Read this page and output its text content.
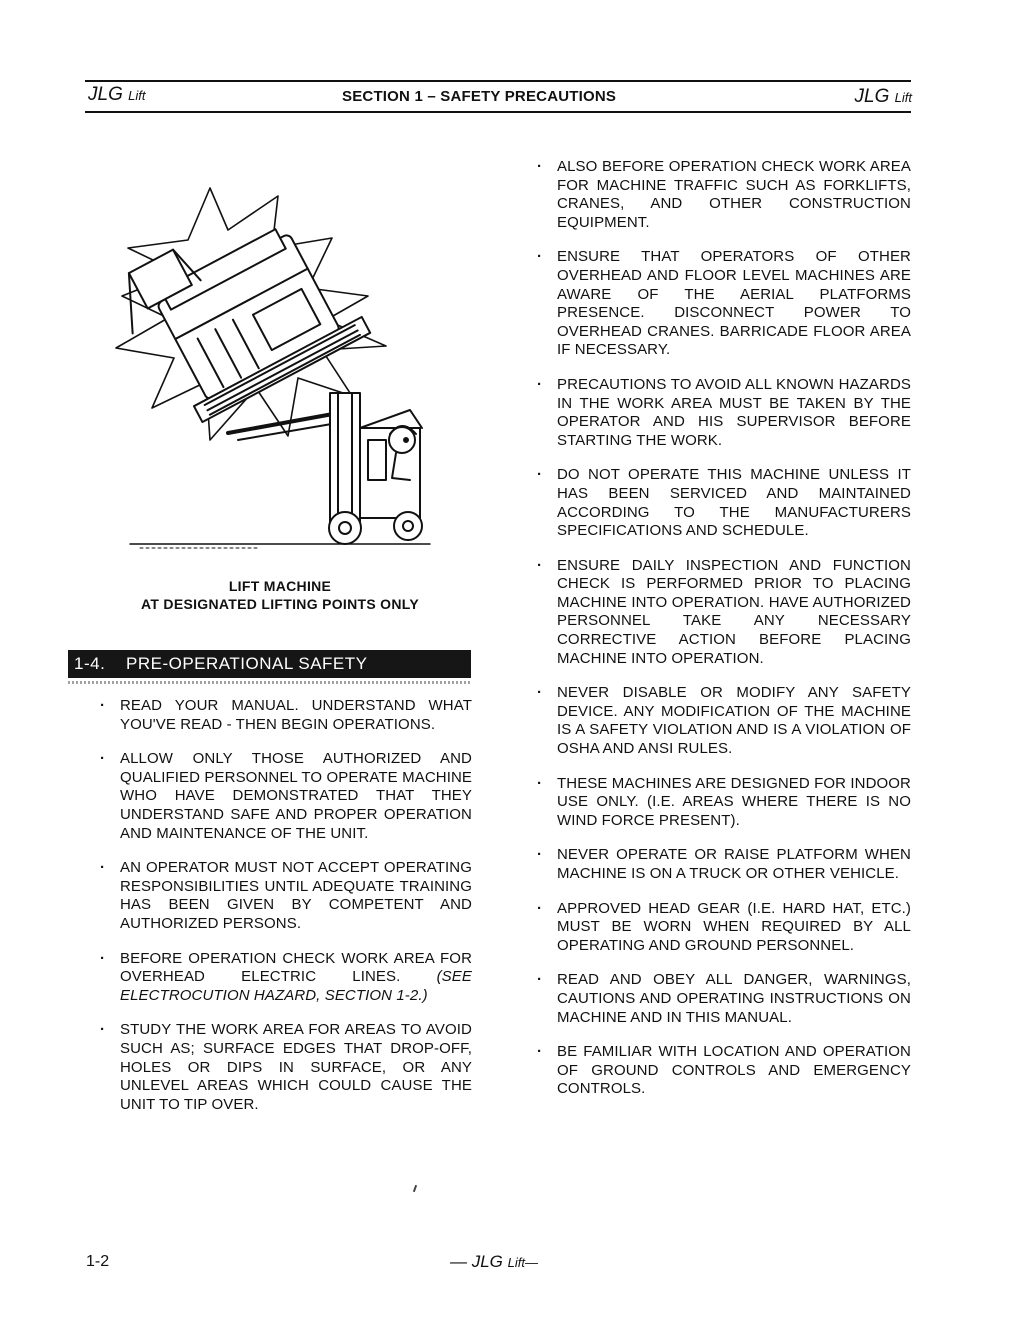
JLG Lift	SECTION 1 – SAFETY PRECAUTIONS	JLG Lift
LIFT MACHINE
AT DESIGNATED LIFTING POINTS ONLY
1-4.	PRE-OPERATIONAL SAFETY
· READ YOUR MANUAL. UNDERSTAND WHAT YOU'VE READ - THEN BEGIN OPERATIONS.
· ALLOW ONLY THOSE AUTHORIZED AND QUALIFIED PERSONNEL TO OPERATE MACHINE WHO HAVE DEMONSTRATED THAT THEY UNDERSTAND SAFE AND PROPER OPERATION AND MAINTENANCE OF THE UNIT.
· AN OPERATOR MUST NOT ACCEPT OPERATING RESPONSIBILITIES UNTIL ADEQUATE TRAINING HAS BEEN GIVEN BY COMPETENT AND AUTHORIZED PERSONS.
· BEFORE OPERATION CHECK WORK AREA FOR OVERHEAD ELECTRIC LINES. (SEE ELECTROCUTION HAZARD, SECTION 1-2.)
· STUDY THE WORK AREA FOR AREAS TO AVOID SUCH AS; SURFACE EDGES THAT DROP-OFF, HOLES OR DIPS IN SURFACE, OR ANY UNLEVEL AREAS WHICH COULD CAUSE THE UNIT TO TIP OVER.
· ALSO BEFORE OPERATION CHECK WORK AREA FOR MACHINE TRAFFIC SUCH AS FORKLIFTS, CRANES, AND OTHER CONSTRUCTION EQUIPMENT.
· ENSURE THAT OPERATORS OF OTHER OVERHEAD AND FLOOR LEVEL MACHINES ARE AWARE OF THE AERIAL PLATFORMS PRESENCE. DISCONNECT POWER TO OVERHEAD CRANES. BARRICADE FLOOR AREA IF NECESSARY.
· PRECAUTIONS TO AVOID ALL KNOWN HAZARDS IN THE WORK AREA MUST BE TAKEN BY THE OPERATOR AND HIS SUPERVISOR BEFORE STARTING THE WORK.
· DO NOT OPERATE THIS MACHINE UNLESS IT HAS BEEN SERVICED AND MAINTAINED ACCORDING TO THE MANUFACTURERS SPECIFICATIONS AND SCHEDULE.
· ENSURE DAILY INSPECTION AND FUNCTION CHECK IS PERFORMED PRIOR TO PLACING MACHINE INTO OPERATION. HAVE AUTHORIZED PERSONNEL TAKE ANY NECESSARY CORRECTIVE ACTION BEFORE PLACING MACHINE INTO OPERATION.
· NEVER DISABLE OR MODIFY ANY SAFETY DEVICE. ANY MODIFICATION OF THE MACHINE IS A SAFETY VIOLATION AND IS A VIOLATION OF OSHA AND ANSI RULES.
· THESE MACHINES ARE DESIGNED FOR INDOOR USE ONLY. (I.E. AREAS WHERE THERE IS NO WIND FORCE PRESENT).
· NEVER OPERATE OR RAISE PLATFORM WHEN MACHINE IS ON A TRUCK OR OTHER VEHICLE.
· APPROVED HEAD GEAR (I.E. HARD HAT, ETC.) MUST BE WORN WHEN REQUIRED BY ALL OPERATING AND GROUND PERSONNEL.
· READ AND OBEY ALL DANGER, WARNINGS, CAUTIONS AND OPERATING INSTRUCTIONS ON MACHINE AND IN THIS MANUAL.
· BE FAMILIAR WITH LOCATION AND OPERATION OF GROUND CONTROLS AND EMERGENCY CONTROLS.
1-2	— JLG Lift—
